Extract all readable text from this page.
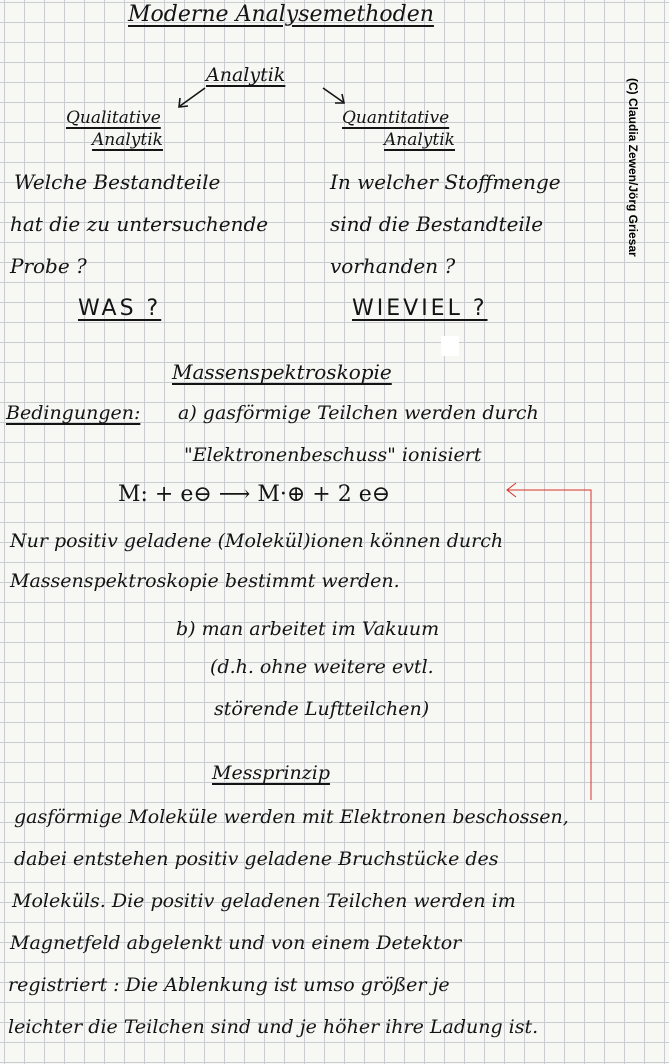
(C) Claudia Zewen/Jörg Griesar
Moderne Analysemethoden
Analytik
Qualitative
Analytik
Welche Bestandteile
hat die zu untersuchende
Probe ?
WAS ?
Quantitative
Analytik
In welcher Stoffmenge
sind die Bestandteile
vorhanden ?
WIEVIEL ?
Massenspektroskopie
Bedingungen: a) gasförmige Teilchen werden durch
"Elektronenbeschuss" ionisiert
M: + e⊖ ⟶ M·⊕ + 2 e⊖
Nur positiv geladene (Molekül)ionen können durch
Massenspektroskopie bestimmt werden.
b) man arbeitet im Vakuum
(d.h. ohne weitere evtl.
störende Luftteilchen)
Messprinzip
gasförmige Moleküle werden mit Elektronen beschossen,
dabei entstehen positiv geladene Bruchstücke des
Moleküls. Die positiv geladenen Teilchen werden im
Magnetfeld abgelenkt und von einem Detektor
registriert : Die Ablenkung ist umso größer je
leichter die Teilchen sind und je höher ihre Ladung ist.
